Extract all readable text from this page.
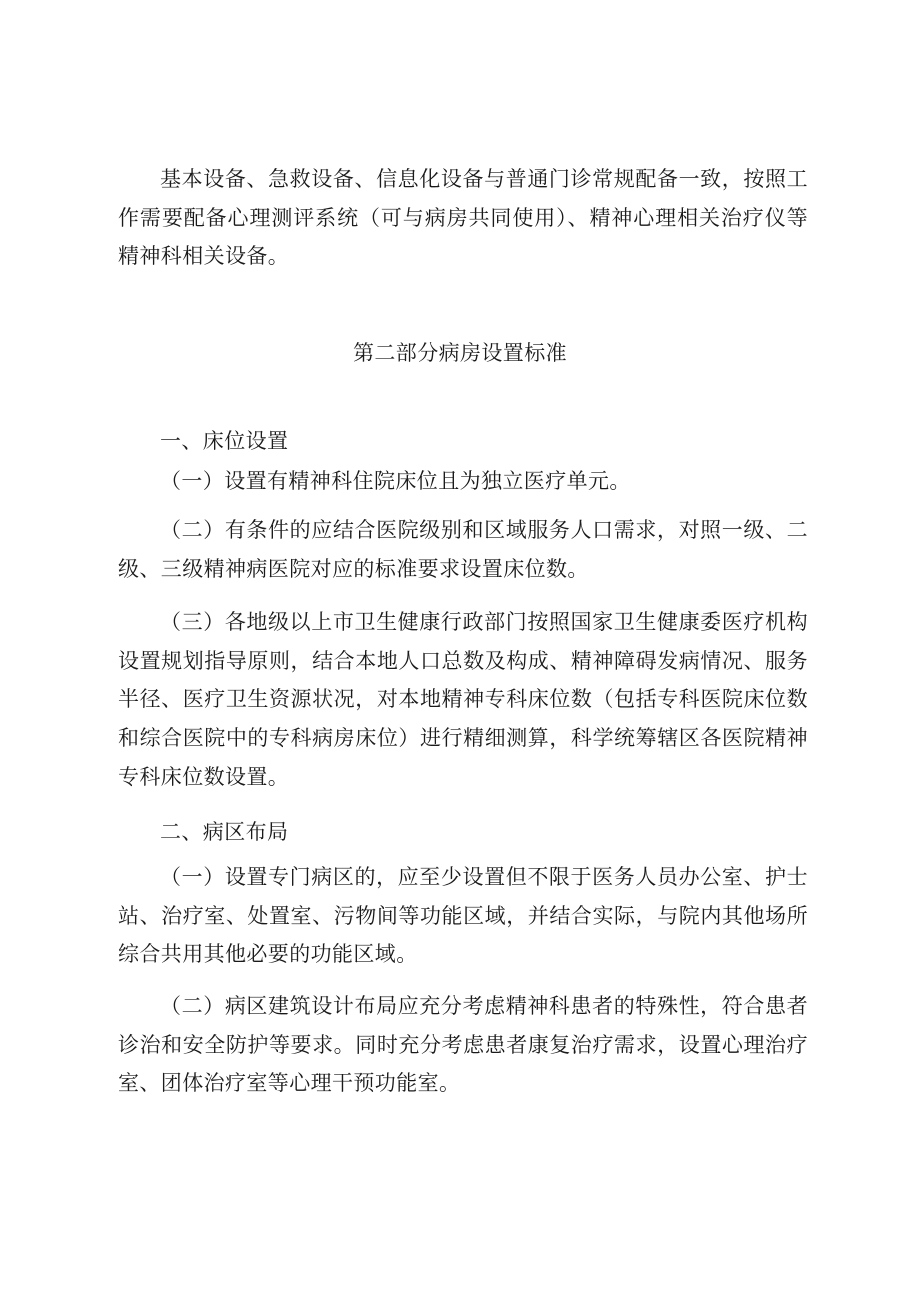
基本设备、急救设备、信息化设备与普通门诊常规配备一致，按照工作需要配备心理测评系统（可与病房共同使用）、精神心理相关治疗仪等精神科相关设备。

第二部分病房设置标准

一、床位设置

（一）设置有精神科住院床位且为独立医疗单元。

（二）有条件的应结合医院级别和区域服务人口需求，对照一级、二级、三级精神病医院对应的标准要求设置床位数。

（三）各地级以上市卫生健康行政部门按照国家卫生健康委医疗机构设置规划指导原则，结合本地人口总数及构成、精神障碍发病情况、服务半径、医疗卫生资源状况，对本地精神专科床位数（包括专科医院床位数和综合医院中的专科病房床位）进行精细测算，科学统筹辖区各医院精神专科床位数设置。

二、病区布局

（一）设置专门病区的，应至少设置但不限于医务人员办公室、护士站、治疗室、处置室、污物间等功能区域，并结合实际，与院内其他场所综合共用其他必要的功能区域。

（二）病区建筑设计布局应充分考虑精神科患者的特殊性，符合患者诊治和安全防护等要求。同时充分考虑患者康复治疗需求，设置心理治疗室、团体治疗室等心理干预功能室。
